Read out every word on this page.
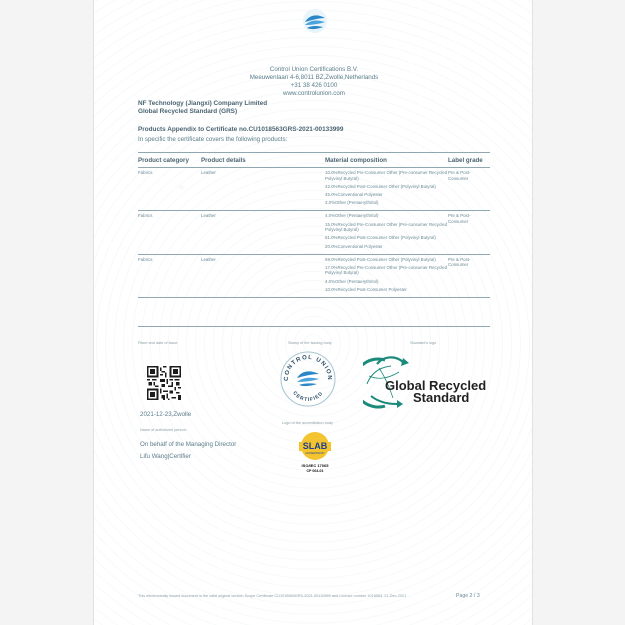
Control Union Certifications B.V.
Meeuwenlaan 4-6,8011 BZ,Zwolle,Netherlands
+31 38 426 0100
www.controlunion.com
NF Technology (Jiangxi) Company Limited
Global Recycled Standard (GRS)
Products Appendix to Certificate no.CU1018563GRS-2021-00133999
In specific the certificate covers the following products:
Product category	Product details	Material composition	Label grade
Fabrics	Leather	10.0%Recycled Pre-Consumer Other (Pre-consumer Recycled Polyvinyl Butyral)
42.0%Recycled Post-Consumer Other (Polyvinyl Butyral)
45.0%Conventional Polyester
3.0%Other (Pentaerythritol)	Pre & Post-Consumer
Fabrics	Leather	4.0%Other (Pentaerythritol)
15.0%Recycled Pre-Consumer Other (Pre-consumer Recycled Polyvinyl Butyral)
61.0%Recycled Post-Consumer Other (Polyvinyl Butyral)
20.0%Conventional Polyester	Pre & Post-Consumer
Fabrics	Leather	69.0%Recycled Post-Consumer Other (Polyvinyl Butyral)
17.0%Recycled Pre-Consumer Other (Pre-consumer Recycled Polyvinyl Butyral)
4.0%Other (Pentaerythritol)
10.0%Recycled Post-Consumer Polyester	Pre & Post-Consumer
Place and date of issue	Stamp of the issuing body	Standard's logo
CONTROL UNION
CERTIFIED
Global Recycled
Standard
2021-12-23,Zwolle
Name of authorized person:
Logo of the accreditation body
On behalf of the Managing Director
Lifu Wang|Certifier
SLAB
ACCREDITED BY
ISO/IEC 17065
CP 064-01
This electronically issued document is the valid original version Scope Certificate CU1018563GRS-2021-00133999 and License number 1018563, 21-Dec-2021	Page 2 / 3
